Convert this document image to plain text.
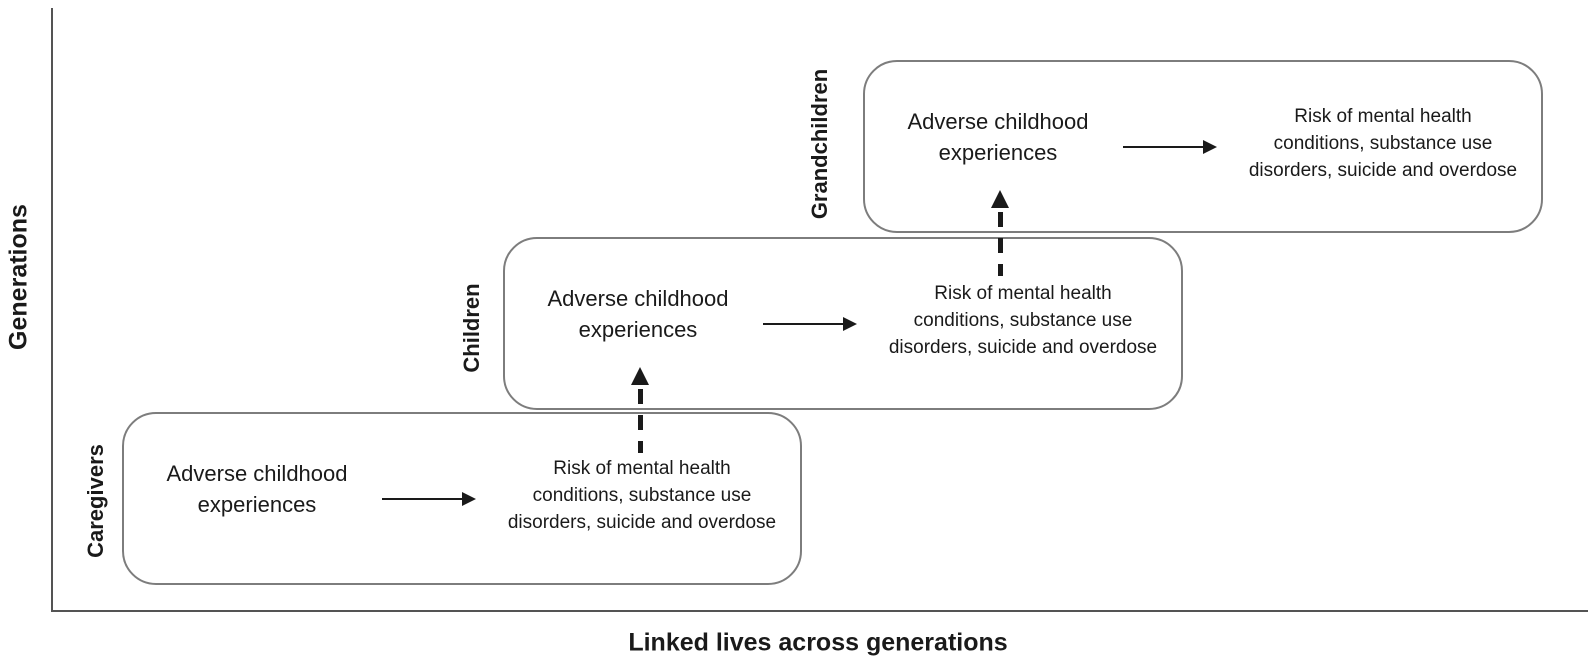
Generations
Linked lives across generations
Caregivers	Adverse childhood
experiences
Risk of mental health
conditions, substance use
disorders, suicide and overdose
Children	Adverse childhood
experiences
Risk of mental health
conditions, substance use
disorders, suicide and overdose
Grandchildren	Adverse childhood
experiences
Risk of mental health
conditions, substance use
disorders, suicide and overdose
